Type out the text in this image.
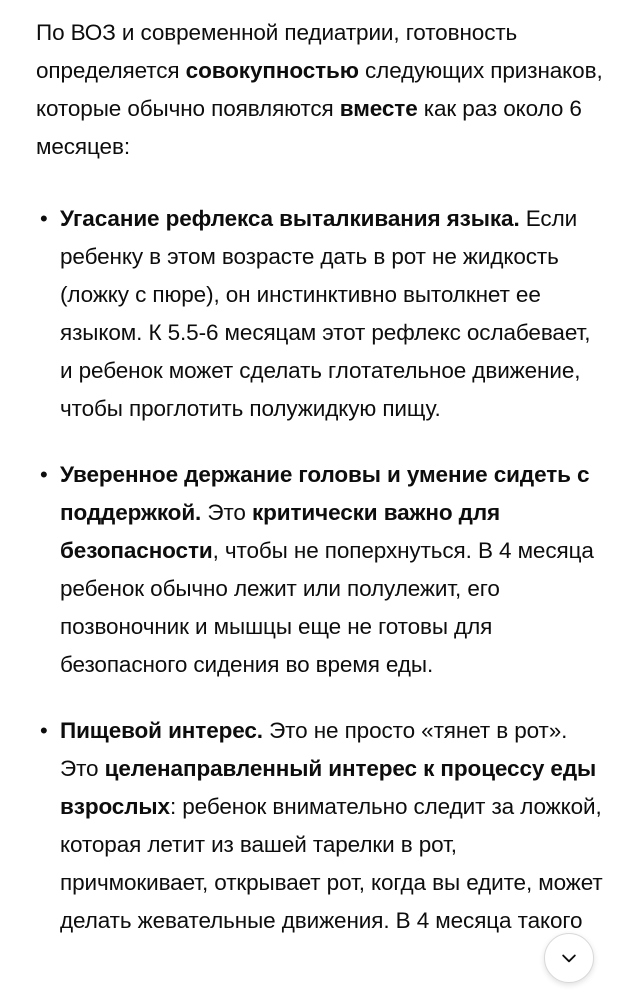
По ВОЗ и современной педиатрии, готовность определяется совокупностью следующих признаков, которые обычно появляются вместе как раз около 6 месяцев:

• Угасание рефлекса выталкивания языка. Если ребенку в этом возрасте дать в рот не жидкость (ложку с пюре), он инстинктивно вытолкнет ее языком. К 5.5-6 месяцам этот рефлекс ослабевает, и ребенок может сделать глотательное движение, чтобы проглотить полужидкую пищу.
• Уверенное держание головы и умение сидеть с поддержкой. Это критически важно для безопасности, чтобы не поперхнуться. В 4 месяца ребенок обычно лежит или полулежит, его позвоночник и мышцы еще не готовы для безопасного сидения во время еды.
• Пищевой интерес. Это не просто «тянет в рот». Это целенаправленный интерес к процессу еды взрослых: ребенок внимательно следит за ложкой, которая летит из вашей тарелки в рот, причмокивает, открывает рот, когда вы едите, может делать жевательные движения. В 4 месяца такого
